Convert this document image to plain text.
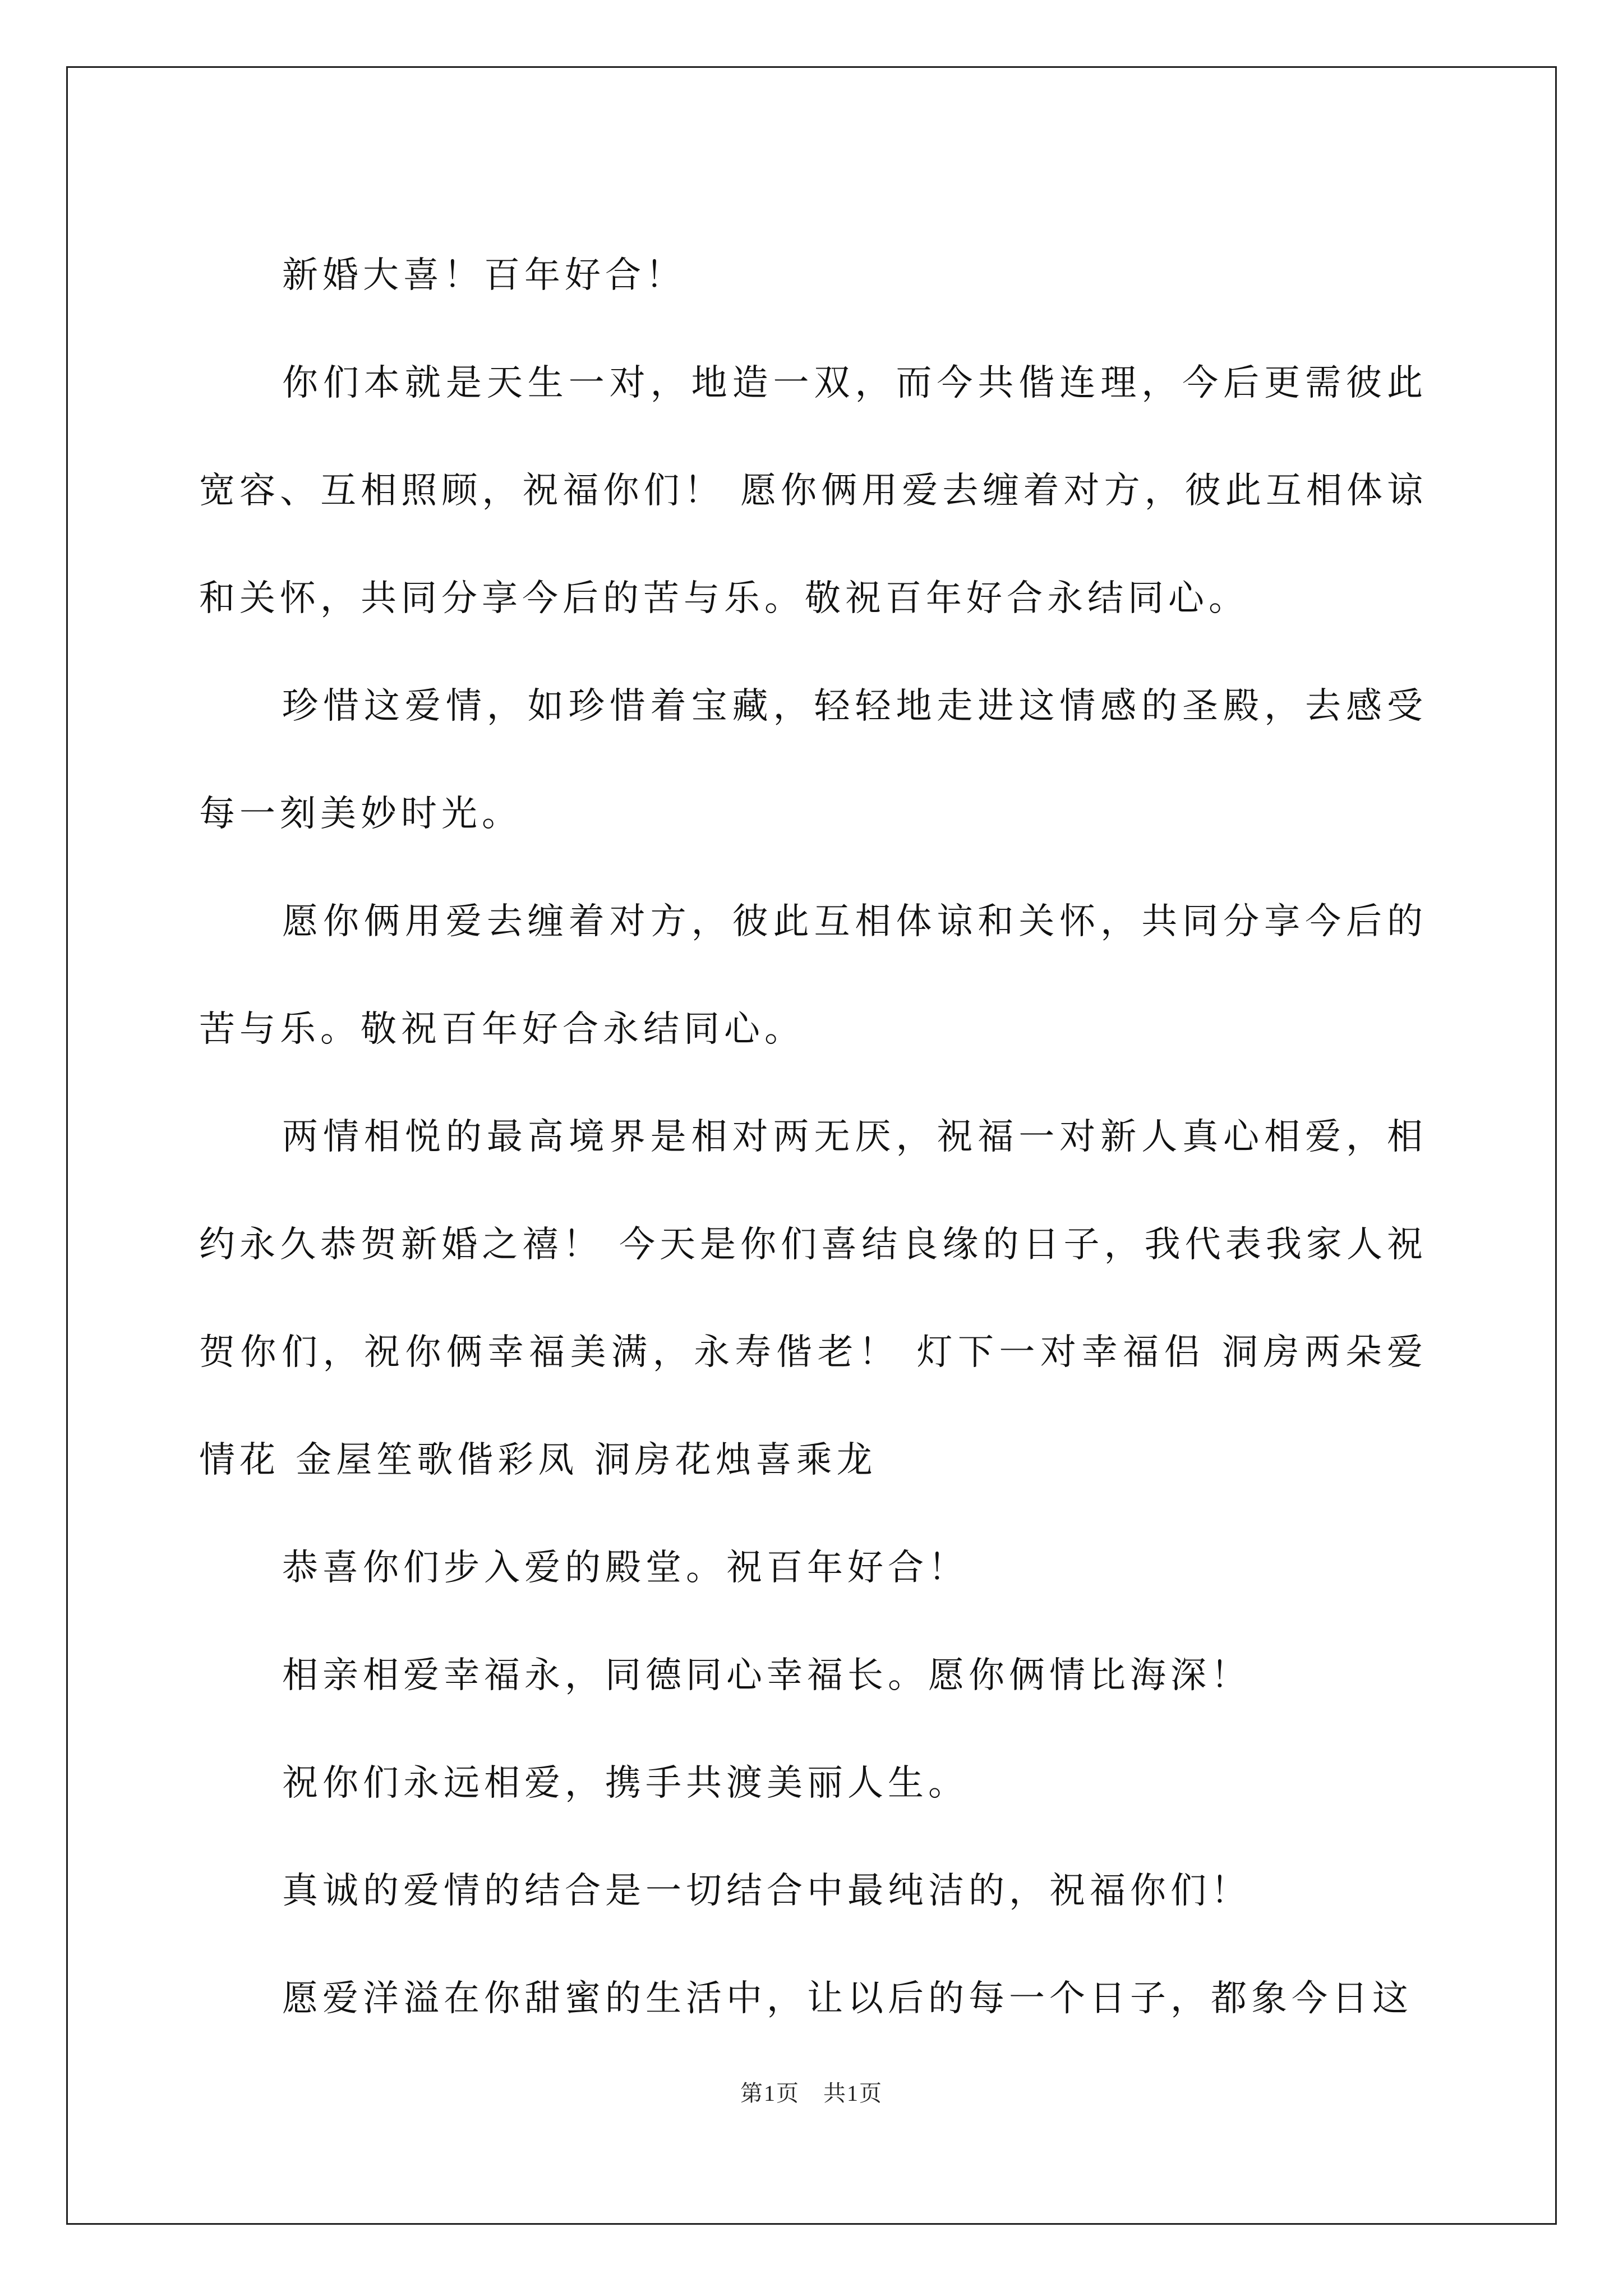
新婚大喜！百年好合！

你们本就是天生一对，地造一双，而今共偕连理，今后更需彼此宽容、互相照顾，祝福你们！ 愿你俩用爱去缠着对方，彼此互相体谅和关怀，共同分享今后的苦与乐。敬祝百年好合永结同心。

珍惜这爱情，如珍惜着宝藏，轻轻地走进这情感的圣殿，去感受每一刻美妙时光。

愿你俩用爱去缠着对方，彼此互相体谅和关怀，共同分享今后的苦与乐。敬祝百年好合永结同心。

两情相悦的最高境界是相对两无厌，祝福一对新人真心相爱，相约永久恭贺新婚之禧！ 今天是你们喜结良缘的日子，我代表我家人祝贺你们，祝你俩幸福美满，永寿偕老！ 灯下一对幸福侣 洞房两朵爱情花 金屋笙歌偕彩凤 洞房花烛喜乘龙

恭喜你们步入爱的殿堂。祝百年好合！

相亲相爱幸福永，同德同心幸福长。愿你俩情比海深！

祝你们永远相爱，携手共渡美丽人生。

真诚的爱情的结合是一切结合中最纯洁的，祝福你们！

愿爱洋溢在你甜蜜的生活中，让以后的每一个日子，都象今日这

第1页　共1页
